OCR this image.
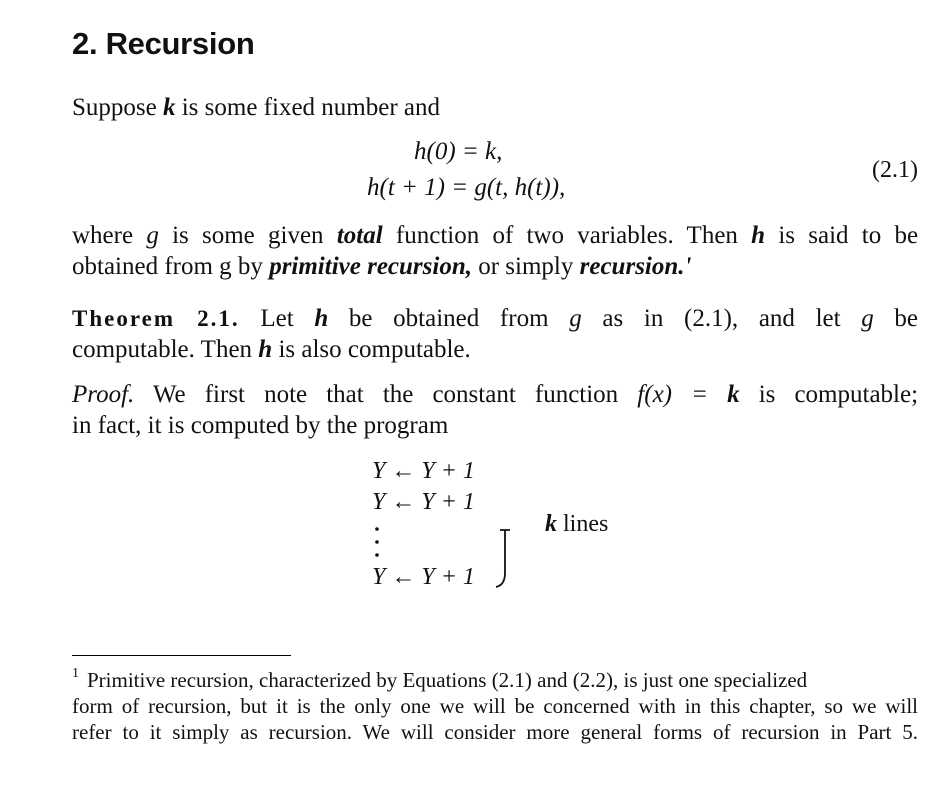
2. Recursion
Suppose k is some fixed number and
h(0) = k,
h(t + 1) = g(t, h(t)),
(2.1)
where g is some given total function of two variables. Then h is said to be
obtained from g by primitive recursion, or simply recursion.'
Theorem 2.1. Let h be obtained from g as in (2.1), and let g be
computable. Then h is also computable.
Proof. We first note that the constant function f(x) = k is computable;
in fact, it is computed by the program
Y ← Y + 1
Y ← Y + 1
Y ← Y + 1
k lines
$^1$ Primitive recursion, characterized by Equations (2.1) and (2.2), is just one specialized
form of recursion, but it is the only one we will be concerned with in this chapter, so we will
refer to it simply as recursion. We will consider more general forms of recursion in Part 5.
